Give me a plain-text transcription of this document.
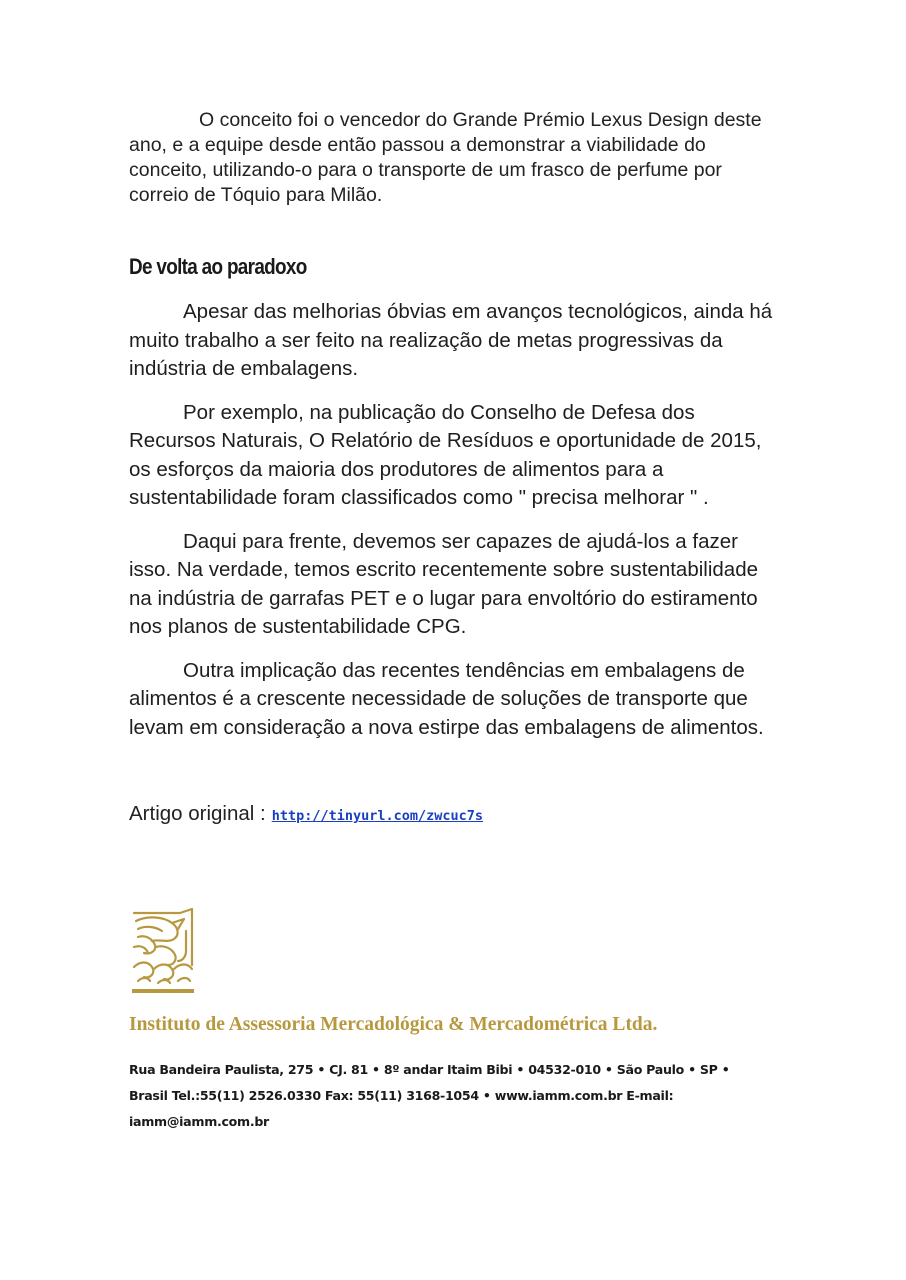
O conceito foi o vencedor do Grande Prémio Lexus Design deste ano, e a equipe desde então passou a demonstrar a viabilidade do conceito, utilizando-o para o transporte de um frasco de perfume por correio de Tóquio para Milão.

De volta ao paradoxo

Apesar das melhorias óbvias em avanços tecnológicos, ainda há muito trabalho a ser feito na realização de metas progressivas da indústria de embalagens.

Por exemplo, na publicação do Conselho de Defesa dos Recursos Naturais, O Relatório de Resíduos e oportunidade de 2015, os esforços da maioria dos produtores de alimentos para a sustentabilidade foram classificados como " precisa melhorar " .

Daqui para frente, devemos ser capazes de ajudá-los a fazer isso. Na verdade, temos escrito recentemente sobre sustentabilidade na indústria de garrafas PET e o lugar para envoltório do estiramento nos planos de sustentabilidade CPG.

Outra implicação das recentes tendências em embalagens de alimentos é a crescente necessidade de soluções de transporte que levam em consideração a nova estirpe das embalagens de alimentos.

Artigo original : http://tinyurl.com/zwcuc7s
Instituto de Assessoria Mercadológica & Mercadométrica Ltda.
Rua Bandeira Paulista, 275 • CJ. 81 • 8º andar Itaim Bibi • 04532-010 • São Paulo • SP • Brasil Tel.:55(11) 2526.0330 Fax: 55(11) 3168-1054 • www.iamm.com.br E-mail: iamm@iamm.com.br
